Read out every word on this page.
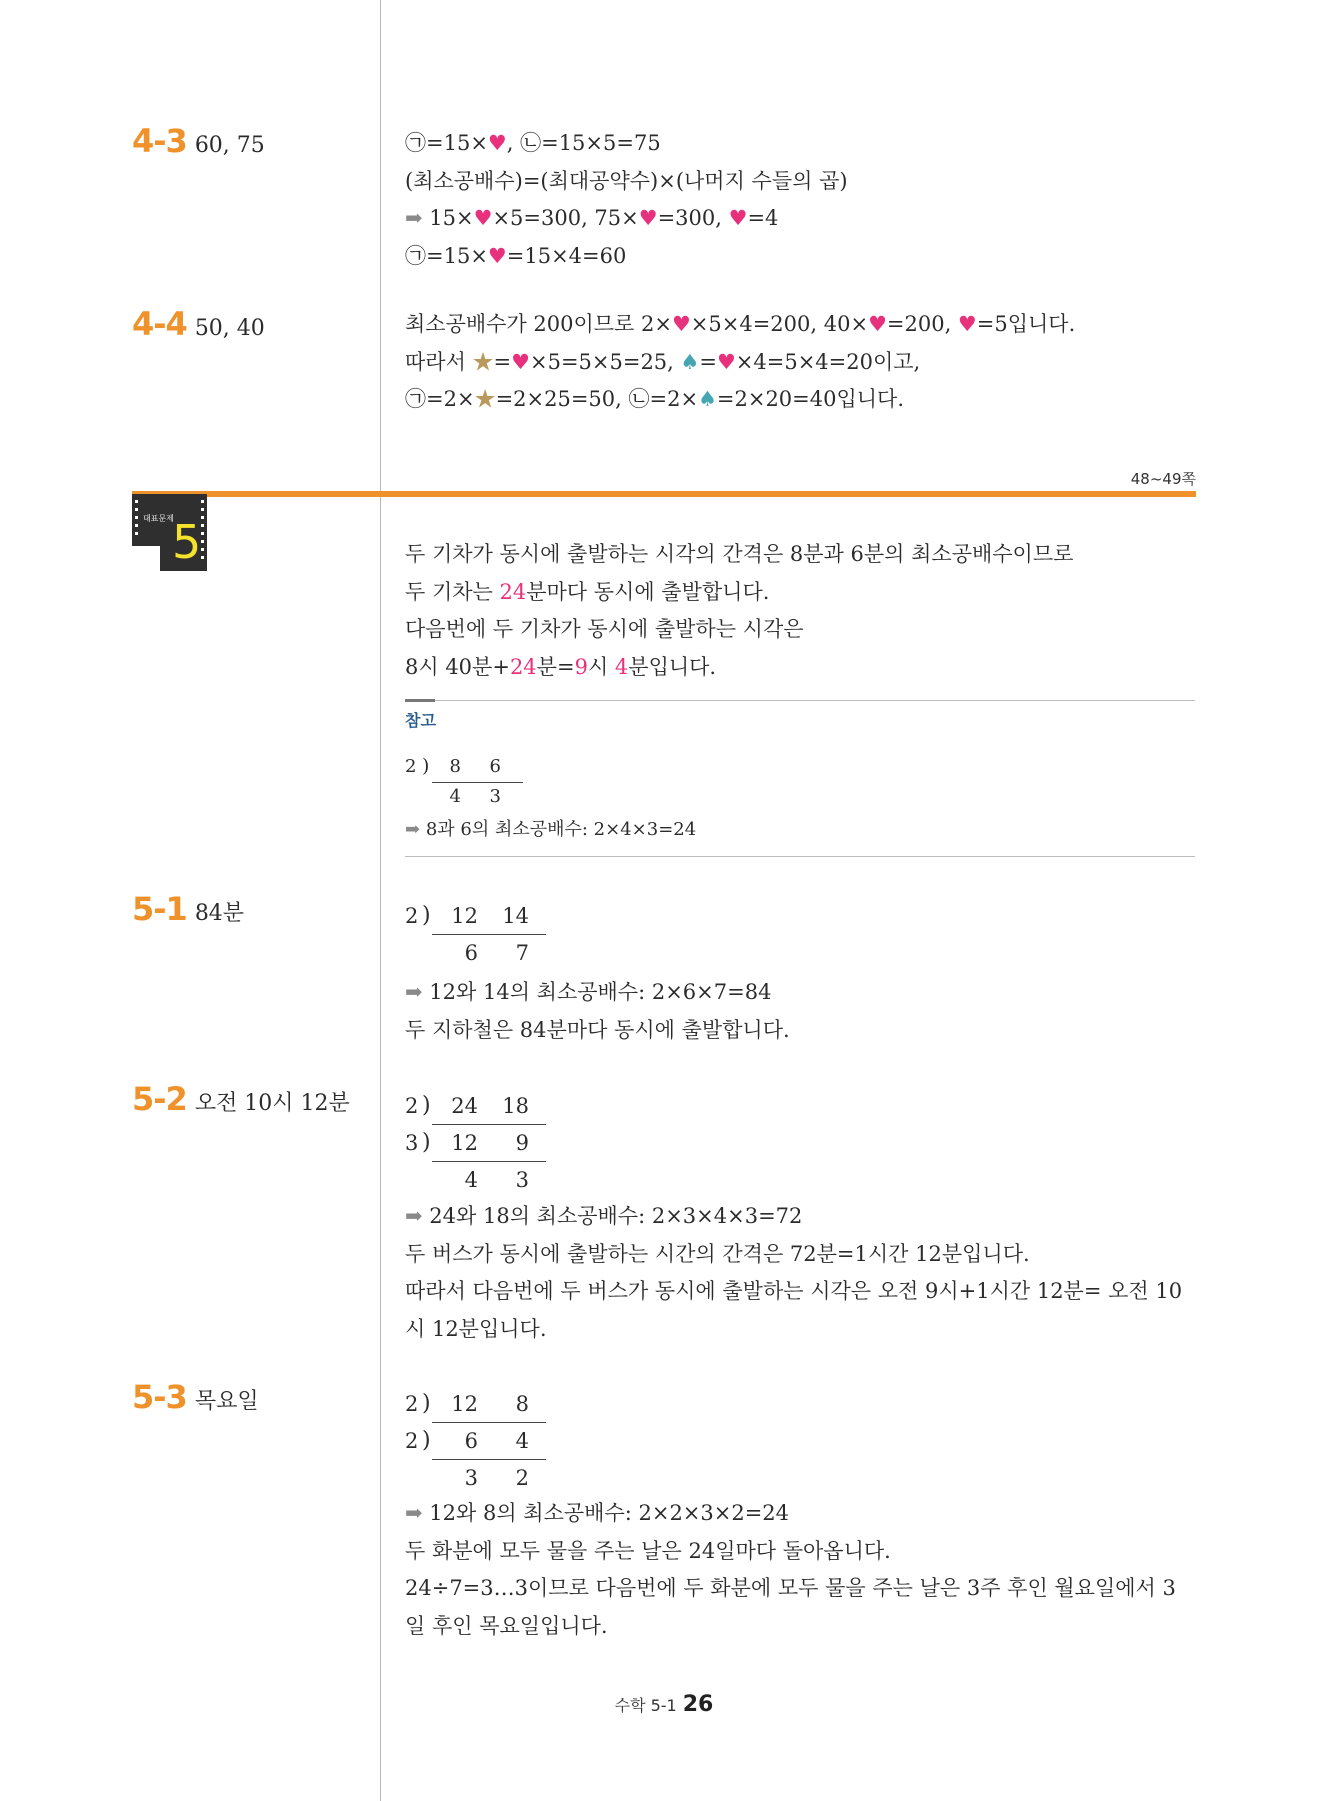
4-3 60, 75	㉠=15×♥, ㉡=15×5=75
(최소공배수)=(최대공약수)×(나머지 수들의 곱)
➡ 15×♥×5=300, 75×♥=300, ♥=4
㉠=15×♥=15×4=60
4-4 50, 40	최소공배수가 200이므로 2×♥×5×4=200, 40×♥=200, ♥=5입니다.
따라서 ★=♥×5=5×5=25, ♠=♥×4=5×4=20이고,
㉠=2×★=2×25=50, ㉡=2×♠=2×20=40입니다.
48~49쪽
대표문제
5	두 기차가 동시에 출발하는 시각의 간격은 8분과 6분의 최소공배수이므로
두 기차는 24분마다 동시에 출발합니다.
다음번에 두 기차가 동시에 출발하는 시각은
8시 40분+24분=9시 4분입니다.
참고
2 ) 8 6
4 3
➡ 8과 6의 최소공배수: 2×4×3=24
5-1 84분	2 ) 12	14
6	7
➡ 12와 14의 최소공배수: 2×6×7=84
두 지하철은 84분마다 동시에 출발합니다.
5-2 오전 10시 12분	2 ) 24	18
3 ) 12	9
4	3
➡ 24와 18의 최소공배수: 2×3×4×3=72
두 버스가 동시에 출발하는 시간의 간격은 72분=1시간 12분입니다.
따라서 다음번에 두 버스가 동시에 출발하는 시각은 오전 9시+1시간 12분= 오전 10
시 12분입니다.
5-3 목요일	2 ) 12	8
2 )	6	4
3	2
➡ 12와 8의 최소공배수: 2×2×3×2=24
두 화분에 모두 물을 주는 날은 24일마다 돌아옵니다.
24÷7=3…3이므로 다음번에 두 화분에 모두 물을 주는 날은 3주 후인 월요일에서 3
일 후인 목요일입니다.
수학 5-1 26
